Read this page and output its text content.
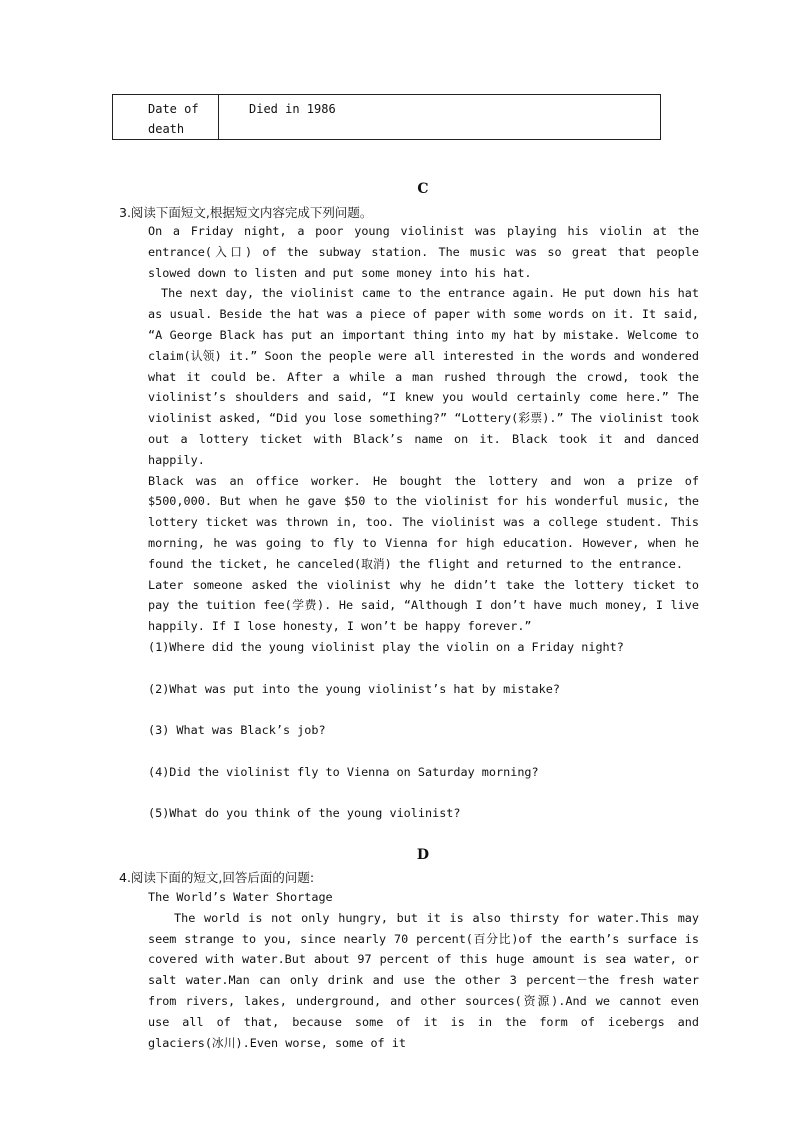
Date of death	Died in 1986
C
3.阅读下面短文,根据短文内容完成下列问题。

On a Friday night, a poor young violinist was playing his violin at the entrance(入口) of the subway station. The music was so great that people slowed down to listen and put some money into his hat.

The next day, the violinist came to the entrance again. He put down his hat as usual. Beside the hat was a piece of paper with some words on it. It said, “A George Black has put an important thing into my hat by mistake. Welcome to claim(认领) it.” Soon the people were all interested in the words and wondered what it could be. After a while a man rushed through the crowd, took the violinist’s shoulders and said, “I knew you would certainly come here.” The violinist asked, “Did you lose something?” “Lottery(彩票).” The violinist took out a lottery ticket with Black’s name on it. Black took it and danced happily.

Black was an office worker. He bought the lottery and won a prize of $500,000. But when he gave $50 to the violinist for his wonderful music, the lottery ticket was thrown in, too. The violinist was a college student. This morning, he was going to fly to Vienna for high education. However, when he found the ticket, he canceled(取消) the flight and returned to the entrance.

Later someone asked the violinist why he didn’t take the lottery ticket to pay the tuition fee(学费). He said, “Although I don’t have much money, I live happily. If I lose honesty, I won’t be happy forever.”

(1)Where did the young violinist play the violin on a Friday night?

(2)What was put into the young violinist’s hat by mistake?

(3) What was Black’s job?

(4)Did the violinist fly to Vienna on Saturday morning?

(5)What do you think of the young violinist?

D
4.阅读下面的短文,回答后面的问题:

The World’s Water Shortage

The world is not only hungry, but it is also thirsty for water.This may seem strange to you, since nearly 70 percent(百分比)of the earth’s surface is covered with water.But about 97 percent of this huge amount is sea water, or salt water.Man can only drink and use the other 3 percent－the fresh water from rivers, lakes, underground, and other sources(资源).And we cannot even use all of that, because some of it is in the form of icebergs and glaciers(冰川).Even worse, some of it
